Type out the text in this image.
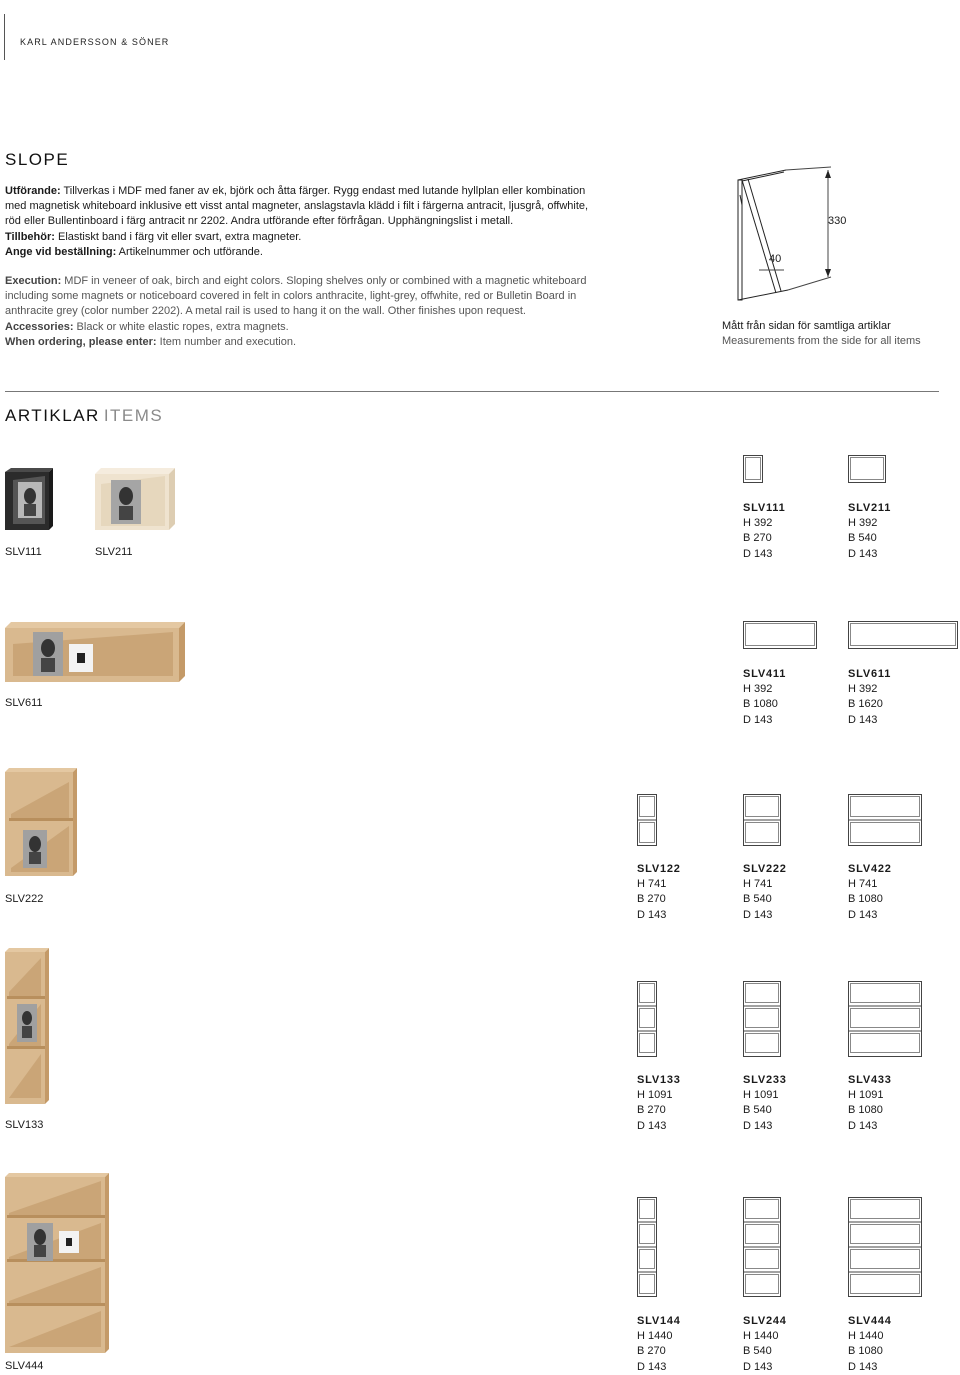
KARL ANDERSSON & SÖNER
SLOPE
Utförande: Tillverkas i MDF med faner av ek, björk och åtta färger. Rygg endast med lutande hyllplan eller kombination
med magnetisk whiteboard inklusive ett visst antal magneter, anslagstavla klädd i filt i färgerna antracit, ljusgrå, offwhite,
röd eller Bullentinboard i färg antracit nr 2202. Andra utförande efter förfrågan. Upphängningslist i metall.
Tillbehör: Elastiskt band i färg vit eller svart, extra magneter.
Ange vid beställning: Artikelnummer och utförande.
Execution: MDF in veneer of oak, birch and eight colors. Sloping shelves only or combined with a magnetic whiteboard
including some magnets or noticeboard covered in felt in colors anthracite, light-grey, offwhite, red or Bulletin Board in
anthracite grey (color number 2202). A metal rail is used to hang it on the wall. Other finishes upon request.
Accessories: Black or white elastic ropes, extra magnets.
When ordering, please enter: Item number and execution.
330
40
Mått från sidan för samtliga artiklar
Measurements from the side for all items
ARTIKLAR ITEMS
SLV111	SLV211
SLV611
SLV222
SLV133
SLV444
SLV111
H 392
B 270
D 143
SLV211
H 392
B 540
D 143
SLV411
H 392
B 1080
D 143
SLV611
H 392
B 1620
D 143
SLV122
H 741
B 270
D 143
SLV222
H 741
B 540
D 143
SLV422
H 741
B 1080
D 143
SLV133
H 1091
B 270
D 143
SLV233
H 1091
B 540
D 143
SLV433
H 1091
B 1080
D 143
SLV144
H 1440
B 270
D 143
SLV244
H 1440
B 540
D 143
SLV444
H 1440
B 1080
D 143
